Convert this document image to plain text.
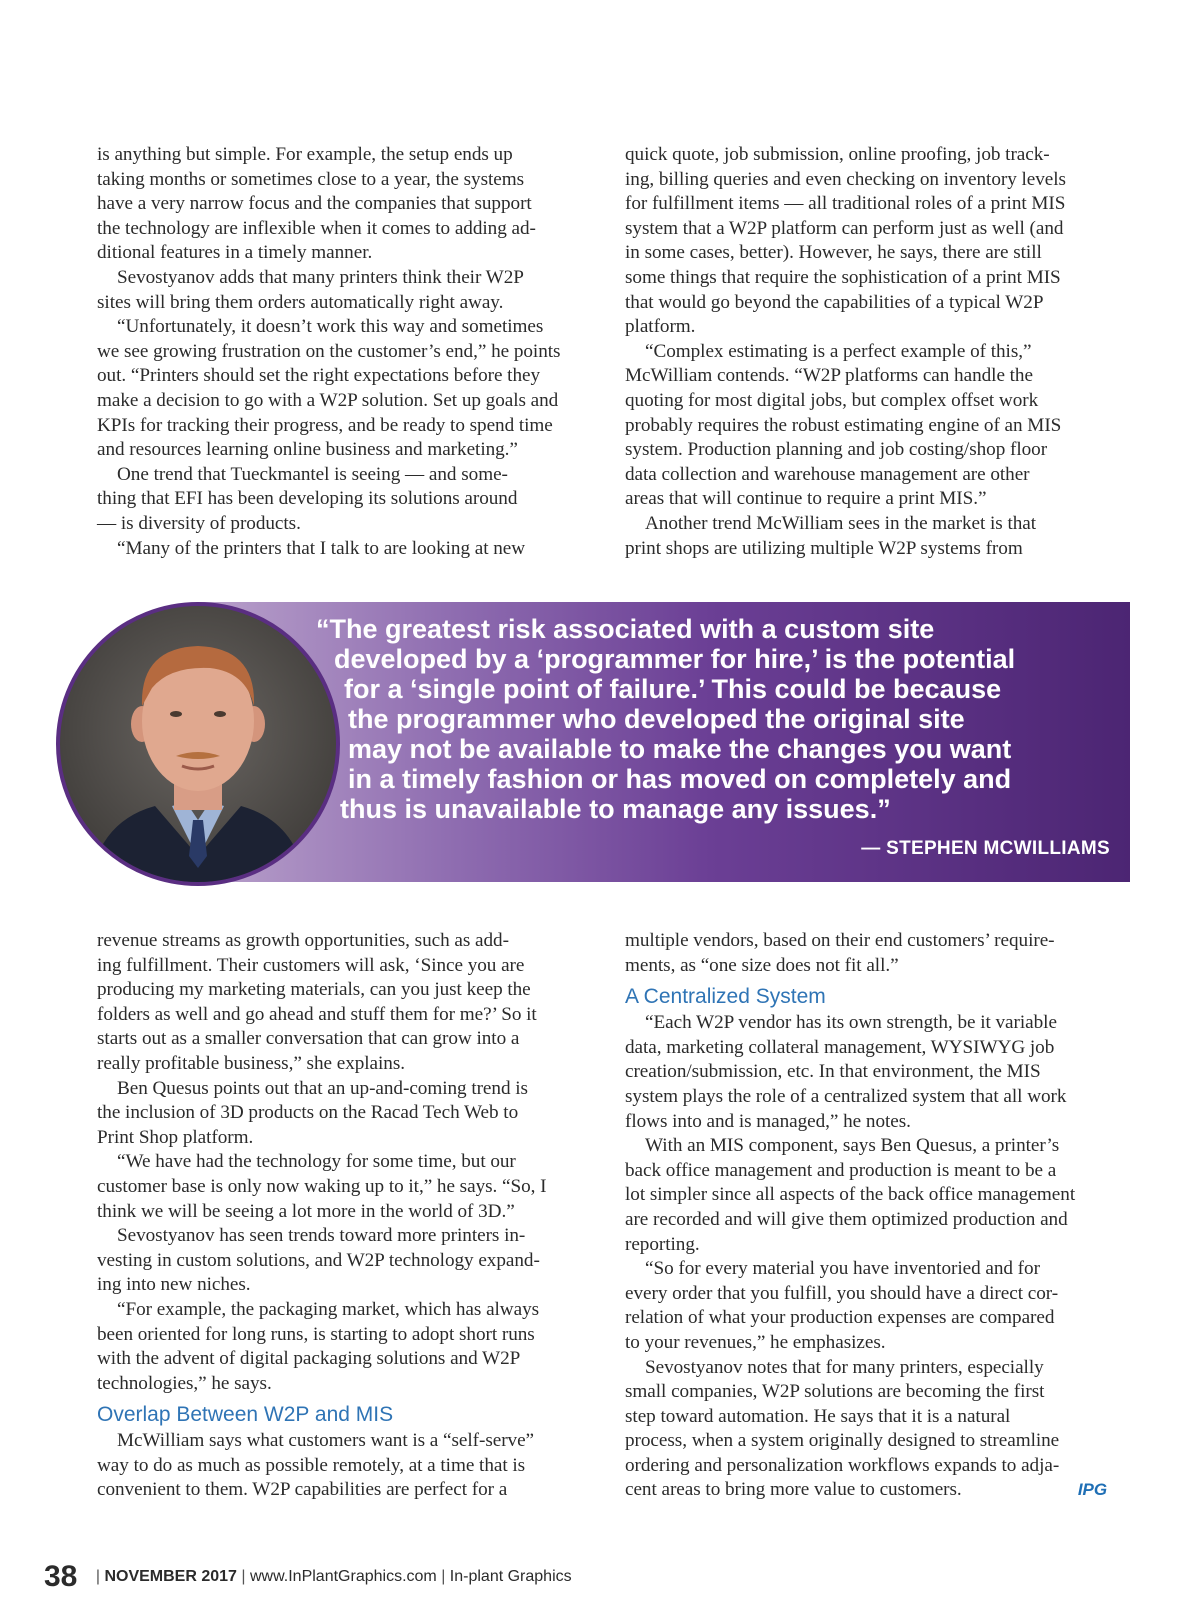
is anything but simple. For example, the setup ends up
taking months or sometimes close to a year, the systems
have a very narrow focus and the companies that support
the technology are inflexible when it comes to adding ad-
ditional features in a timely manner.
Sevostyanov adds that many printers think their W2P
sites will bring them orders automatically right away.
“Unfortunately, it doesn’t work this way and sometimes
we see growing frustration on the customer’s end,” he points
out. “Printers should set the right expectations before they
make a decision to go with a W2P solution. Set up goals and
KPIs for tracking their progress, and be ready to spend time
and resources learning online business and marketing.”
One trend that Tueckmantel is seeing — and some-
thing that EFI has been developing its solutions around
— is diversity of products.
“Many of the printers that I talk to are looking at new
quick quote, job submission, online proofing, job track-
ing, billing queries and even checking on inventory levels
for fulfillment items — all traditional roles of a print MIS
system that a W2P platform can perform just as well (and
in some cases, better). However, he says, there are still
some things that require the sophistication of a print MIS
that would go beyond the capabilities of a typical W2P
platform.
“Complex estimating is a perfect example of this,”
McWilliam contends. “W2P platforms can handle the
quoting for most digital jobs, but complex offset work
probably requires the robust estimating engine of an MIS
system. Production planning and job costing/shop floor
data collection and warehouse management are other
areas that will continue to require a print MIS.”
Another trend McWilliam sees in the market is that
print shops are utilizing multiple W2P systems from
“The greatest risk associated with a custom site
developed by a ‘programmer for hire,’ is the potential
for a ‘single point of failure.’ This could be because
the programmer who developed the original site
may not be available to make the changes you want
in a timely fashion or has moved on completely and
thus is unavailable to manage any issues.”
— STEPHEN MCWILLIAMS
revenue streams as growth opportunities, such as add-
ing fulfillment. Their customers will ask, ‘Since you are
producing my marketing materials, can you just keep the
folders as well and go ahead and stuff them for me?’ So it
starts out as a smaller conversation that can grow into a
really profitable business,” she explains.
Ben Quesus points out that an up-and-coming trend is
the inclusion of 3D products on the Racad Tech Web to
Print Shop platform.
“We have had the technology for some time, but our
customer base is only now waking up to it,” he says. “So, I
think we will be seeing a lot more in the world of 3D.”
Sevostyanov has seen trends toward more printers in-
vesting in custom solutions, and W2P technology expand-
ing into new niches.
“For example, the packaging market, which has always
been oriented for long runs, is starting to adopt short runs
with the advent of digital packaging solutions and W2P
technologies,” he says.
Overlap Between W2P and MIS
McWilliam says what customers want is a “self-serve”
way to do as much as possible remotely, at a time that is
convenient to them. W2P capabilities are perfect for a
multiple vendors, based on their end customers’ require-
ments, as “one size does not fit all.”
A Centralized System
“Each W2P vendor has its own strength, be it variable
data, marketing collateral management, WYSIWYG job
creation/submission, etc. In that environment, the MIS
system plays the role of a centralized system that all work
flows into and is managed,” he notes.
With an MIS component, says Ben Quesus, a printer’s
back office management and production is meant to be a
lot simpler since all aspects of the back office management
are recorded and will give them optimized production and
reporting.
“So for every material you have inventoried and for
every order that you fulfill, you should have a direct cor-
relation of what your production expenses are compared
to your revenues,” he emphasizes.
Sevostyanov notes that for many printers, especially
small companies, W2P solutions are becoming the first
step toward automation. He says that it is a natural
process, when a system originally designed to streamline
ordering and personalization workflows expands to adja-
cent areas to bring more value to customers.	IPG
38 | NOVEMBER 2017 | www.InPlantGraphics.com | In-plant Graphics
